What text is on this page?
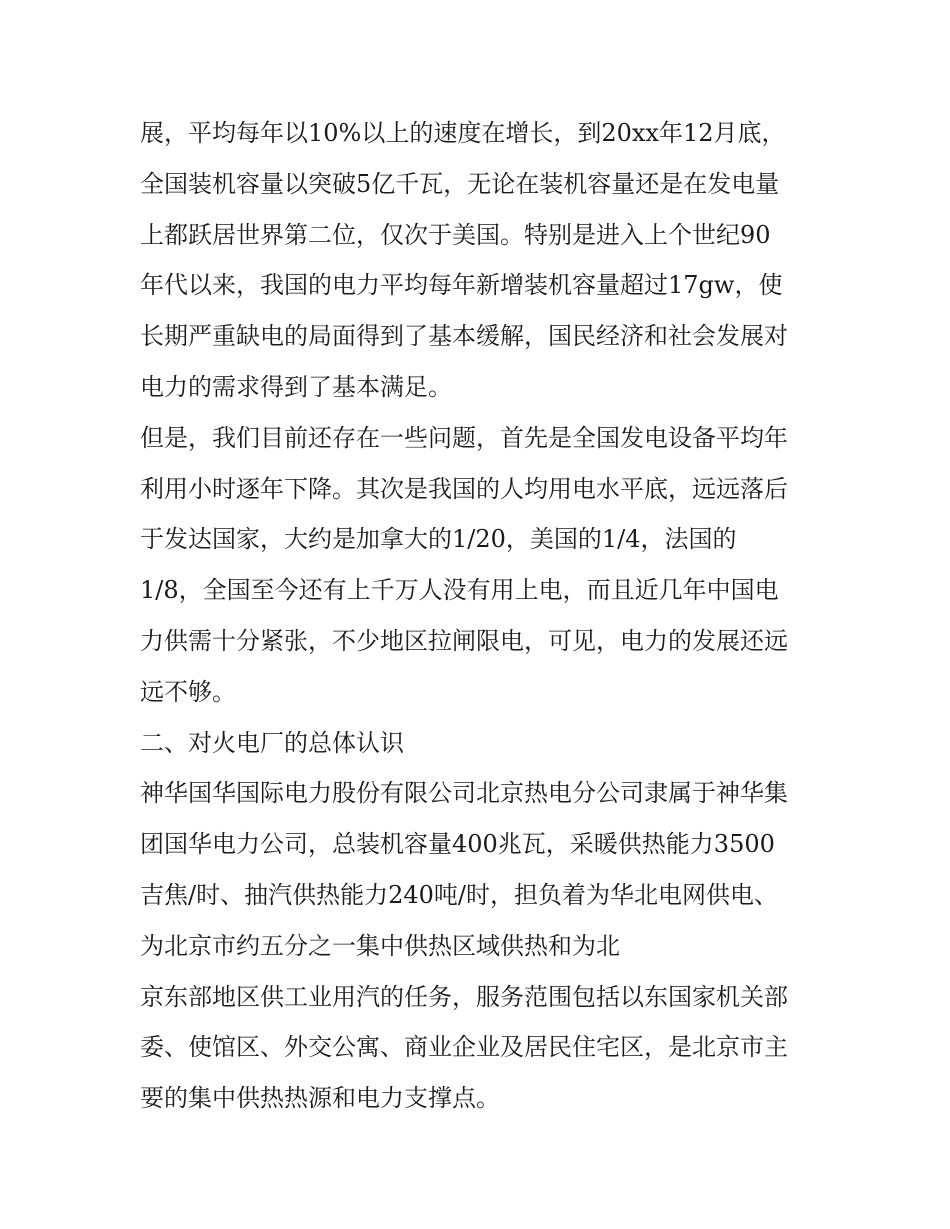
展，平均每年以10%以上的速度在增长，到20xx年12月底，
全国装机容量以突破5亿千瓦，无论在装机容量还是在发电量
上都跃居世界第二位，仅次于美国。特别是进入上个世纪90
年代以来，我国的电力平均每年新增装机容量超过17gw，使
长期严重缺电的局面得到了基本缓解，国民经济和社会发展对
电力的需求得到了基本满足。
但是，我们目前还存在一些问题，首先是全国发电设备平均年
利用小时逐年下降。其次是我国的人均用电水平底，远远落后
于发达国家，大约是加拿大的1/20，美国的1/4，法国的
1/8，全国至今还有上千万人没有用上电，而且近几年中国电
力供需十分紧张，不少地区拉闸限电，可见，电力的发展还远
远不够。
二、对火电厂的总体认识
神华国华国际电力股份有限公司北京热电分公司隶属于神华集
团国华电力公司，总装机容量400兆瓦，采暖供热能力3500
吉焦/时、抽汽供热能力240吨/时，担负着为华北电网供电、
为北京市约五分之一集中供热区域供热和为北
京东部地区供工业用汽的任务，服务范围包括以东国家机关部
委、使馆区、外交公寓、商业企业及居民住宅区，是北京市主
要的集中供热热源和电力支撑点。
